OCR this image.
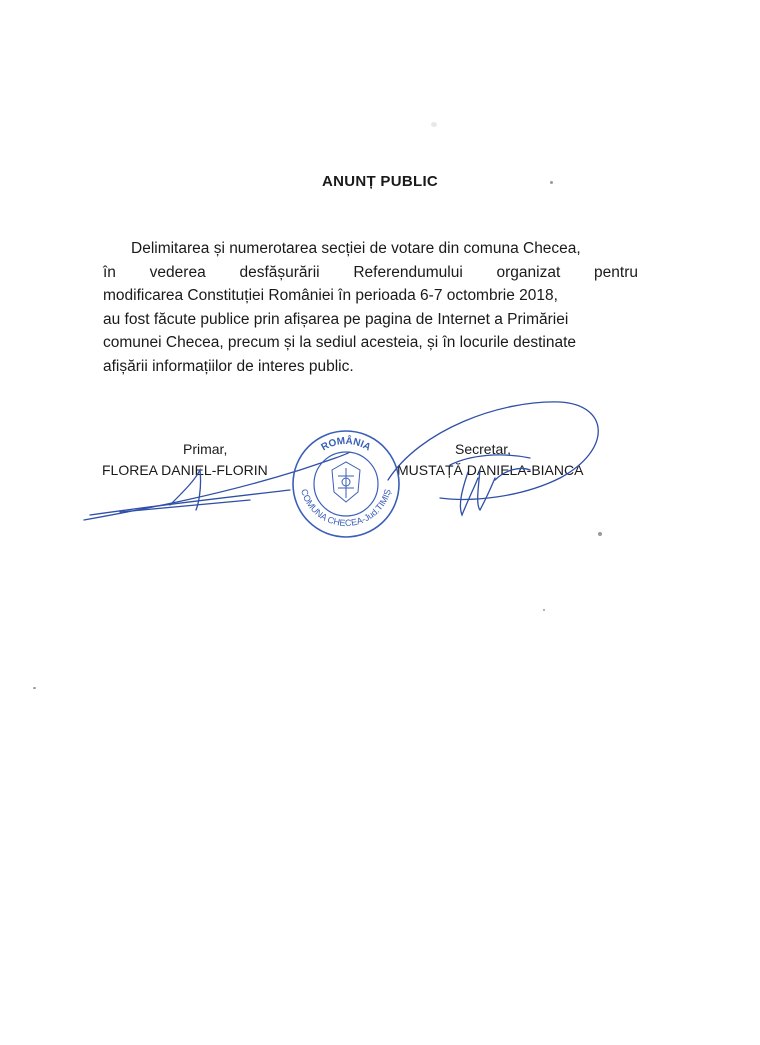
ANUNȚ PUBLIC

Delimitarea și numerotarea secției de votare din comuna Checea,

în vederea desfășurării Referendumului organizat pentru

modificarea Constituției României în perioada 6-7 octombrie 2018,

au fost făcute publice prin afișarea pe pagina de Internet a Primăriei

comunei Checea, precum și la sediul acesteia, și în locurile destinate

afișării informațiilor de interes public.

Primar,
FLOREA DANIEL-FLORIN
Secretar,
MUSTAȚĂ DANIELA-BIANCA
ROMÂNIA
COMUNA CHECEA-Jud.TIMIȘ
